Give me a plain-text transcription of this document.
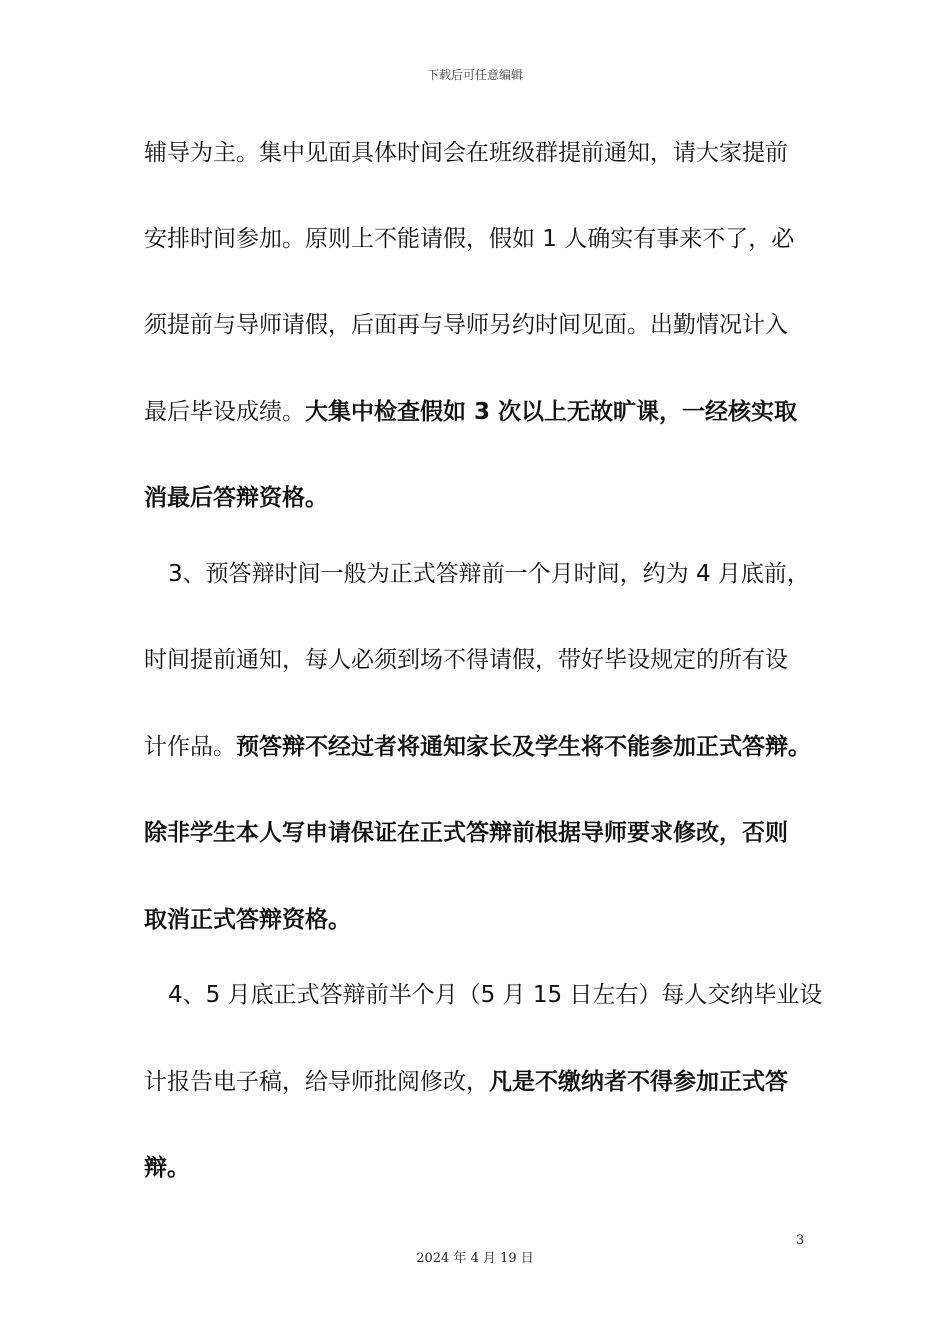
下载后可任意编辑
辅导为主。集中见面具体时间会在班级群提前通知，请大家提前
安排时间参加。原则上不能请假，假如 1 人确实有事来不了，必
须提前与导师请假，后面再与导师另约时间见面。出勤情况计入
最后毕设成绩。大集中检查假如 3 次以上无故旷课，一经核实取
消最后答辩资格。
3、预答辩时间一般为正式答辩前一个月时间，约为 4 月底前，
时间提前通知，每人必须到场不得请假，带好毕设规定的所有设
计作品。预答辩不经过者将通知家长及学生将不能参加正式答辩。
除非学生本人写申请保证在正式答辩前根据导师要求修改，否则
取消正式答辩资格。
4、5 月底正式答辩前半个月（5 月 15 日左右）每人交纳毕业设
计报告电子稿，给导师批阅修改，凡是不缴纳者不得参加正式答
辩。
3
2024 年 4 月 19 日
